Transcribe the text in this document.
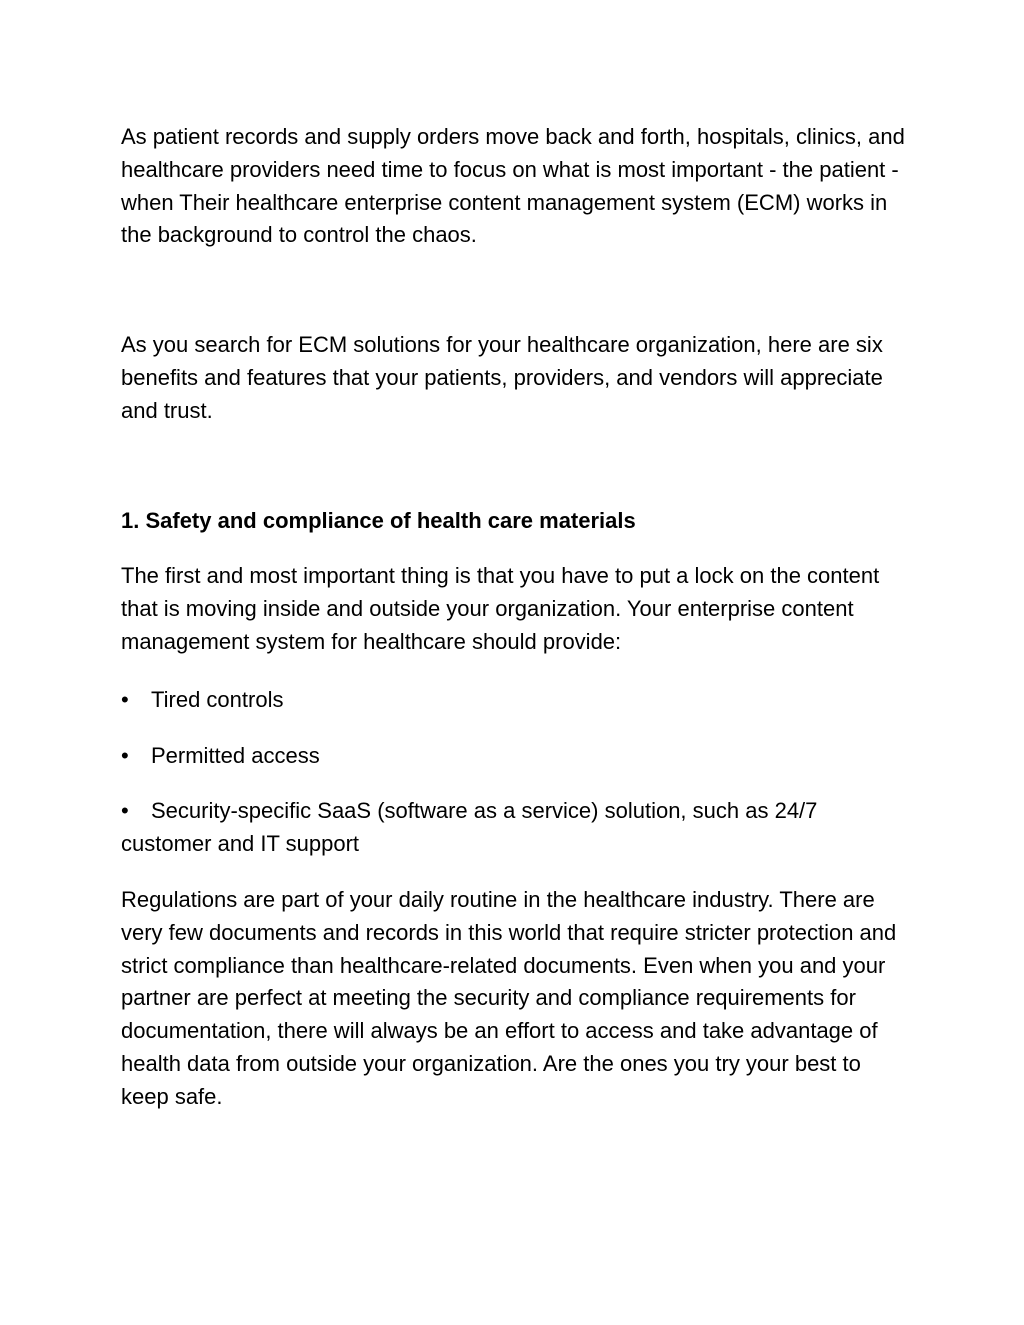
As patient records and supply orders move back and forth, hospitals, clinics, and healthcare providers need time to focus on what is most important - the patient - when Their healthcare enterprise content management system (ECM) works in the background to control the chaos.

As you search for ECM solutions for your healthcare organization, here are six benefits and features that your patients, providers, and vendors will appreciate and trust.

1. Safety and compliance of health care materials

The first and most important thing is that you have to put a lock on the content that is moving inside and outside your organization. Your enterprise content management system for healthcare should provide:

• Tired controls

• Permitted access

• Security-specific SaaS (software as a service) solution, such as 24/7 customer and IT support

Regulations are part of your daily routine in the healthcare industry. There are very few documents and records in this world that require stricter protection and strict compliance than healthcare-related documents. Even when you and your partner are perfect at meeting the security and compliance requirements for documentation, there will always be an effort to access and take advantage of health data from outside your organization. Are the ones you try your best to keep safe.
